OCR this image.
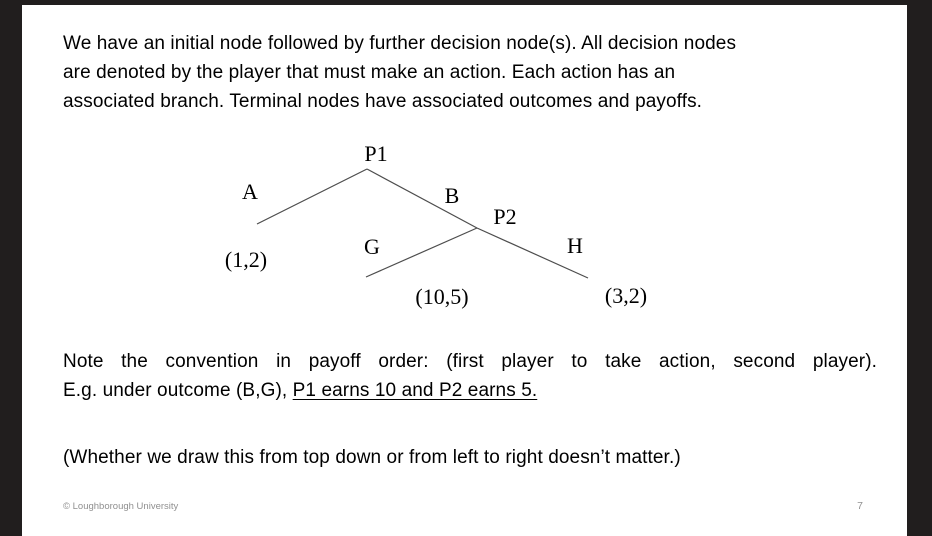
We have an initial node followed by further decision node(s). All decision nodes
are denoted by the player that must make an action. Each action has an
associated branch. Terminal nodes have associated outcomes and payoffs.
P1
P2
A	B
G	H
(1,2)
(10,5)	(3,2)
Note the convention in payoff order: (first player to take action, second player).
E.g. under outcome (B,G), P1 earns 10 and P2 earns 5.
(Whether we draw this from top down or from left to right doesn’t matter.)
© Loughborough University	7
